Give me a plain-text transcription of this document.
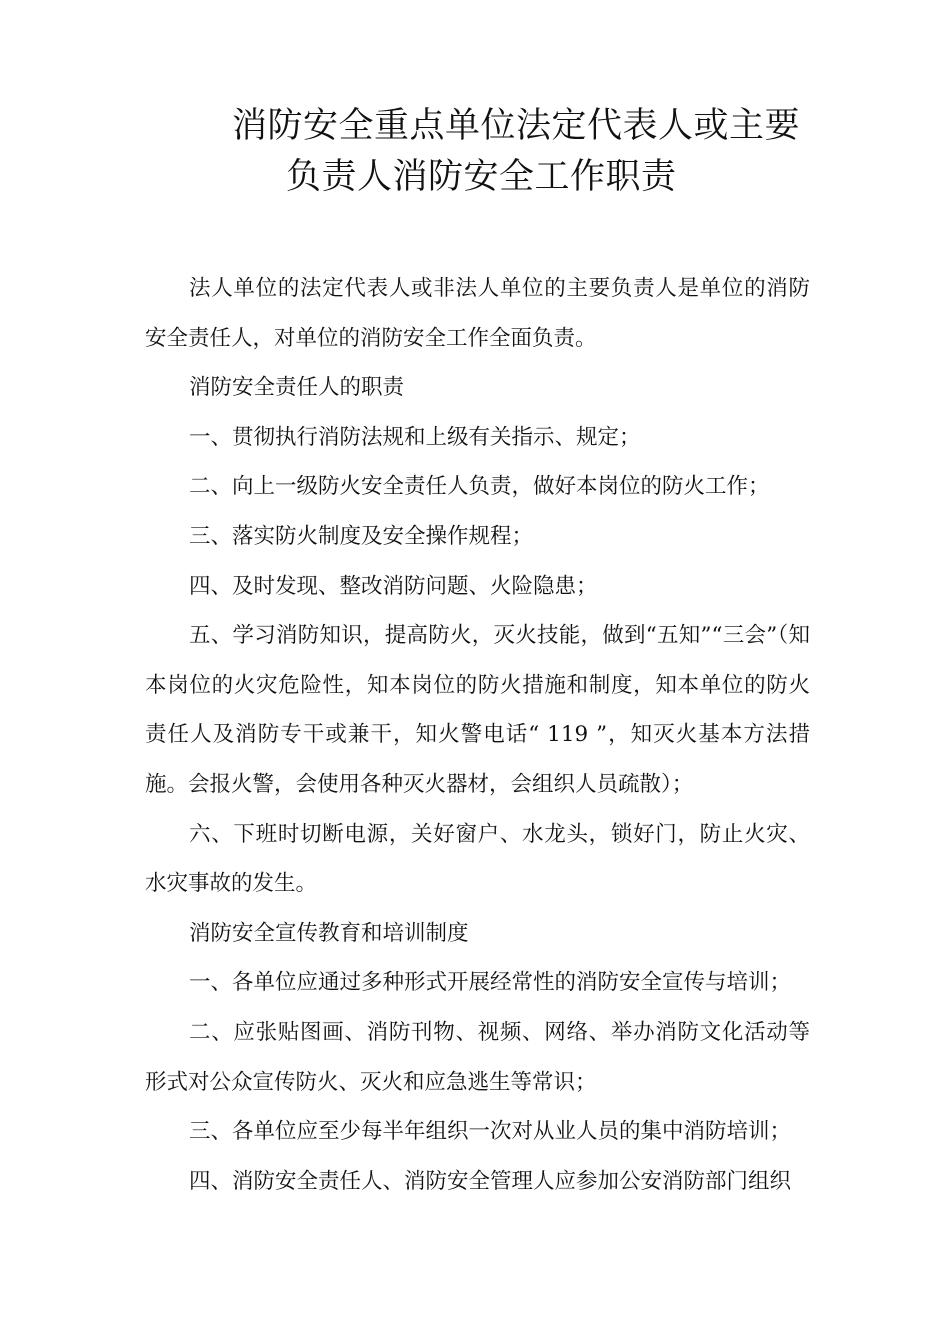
消防安全重点单位法定代表人或主要
负责人消防安全工作职责

法人单位的法定代表人或非法人单位的主要负责人是单位的消防安全责任人，对单位的消防安全工作全面负责。

消防安全责任人的职责

一、贯彻执行消防法规和上级有关指示、规定；

二、向上一级防火安全责任人负责，做好本岗位的防火工作；

三、落实防火制度及安全操作规程；

四、及时发现、整改消防问题、火险隐患；

五、学习消防知识，提高防火，灭火技能，做到“五知”“三会”（知本岗位的火灾危险性，知本岗位的防火措施和制度，知本单位的防火责任人及消防专干或兼干，知火警电话“ 119 ”，知灭火基本方法措施。会报火警，会使用各种灭火器材，会组织人员疏散）；

六、下班时切断电源，关好窗户、水龙头，锁好门，防止火灾、水灾事故的发生。

消防安全宣传教育和培训制度

一、各单位应通过多种形式开展经常性的消防安全宣传与培训；

二、应张贴图画、消防刊物、视频、网络、举办消防文化活动等形式对公众宣传防火、灭火和应急逃生等常识；

三、各单位应至少每半年组织一次对从业人员的集中消防培训；

四、消防安全责任人、消防安全管理人应参加公安消防部门组织
